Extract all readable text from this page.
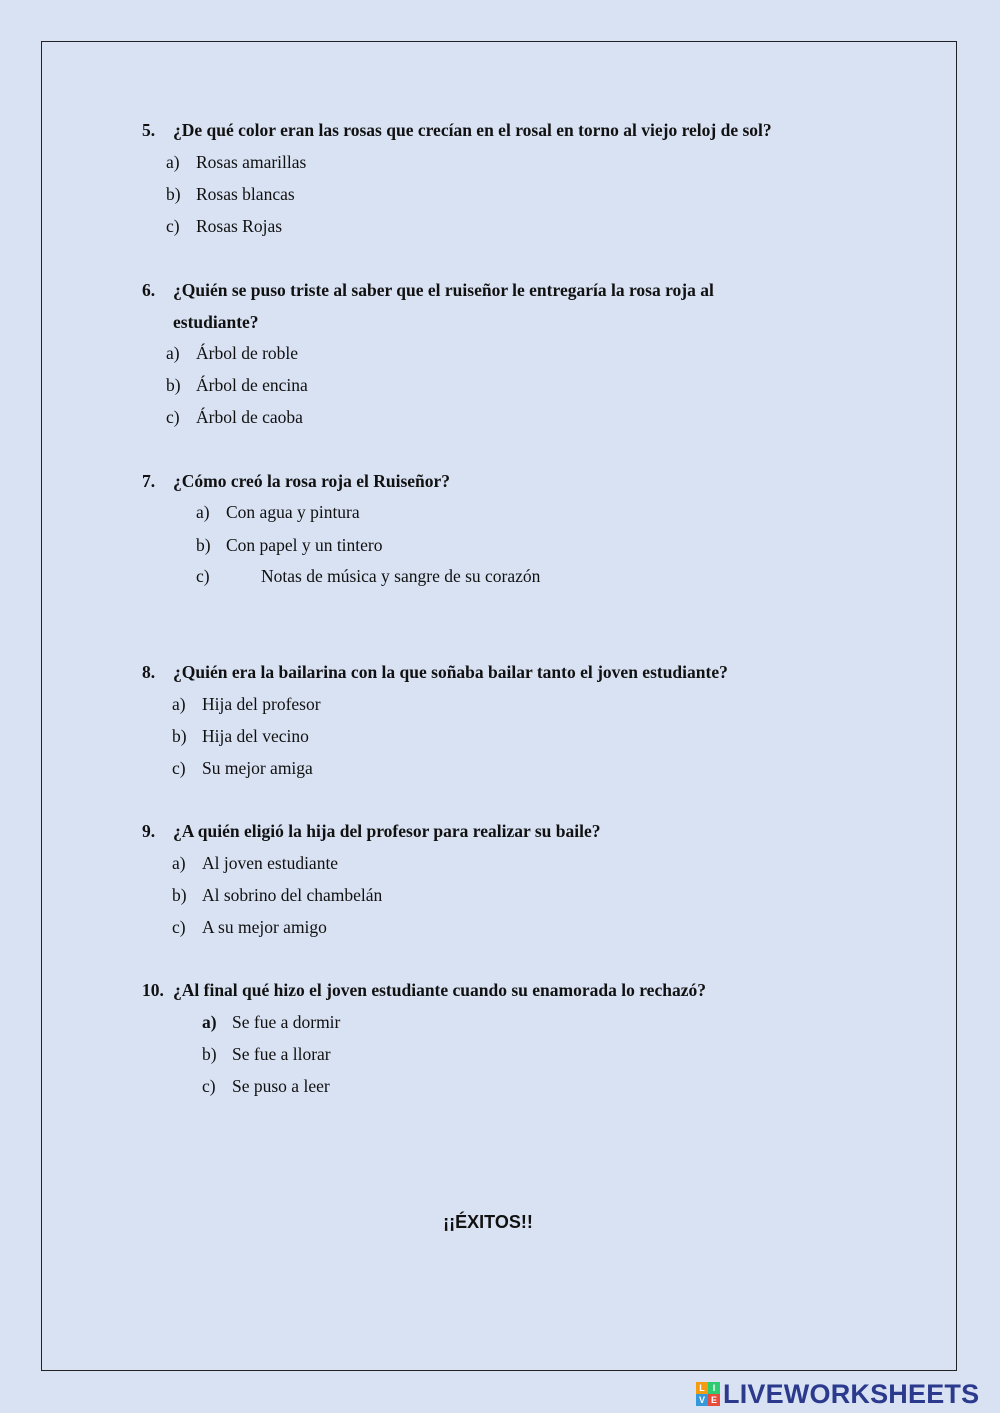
5. ¿De qué color eran las rosas que crecían en el rosal en torno al viejo reloj de sol?
a) Rosas amarillas
b) Rosas blancas
c) Rosas Rojas
6. ¿Quién se puso triste al saber que el ruiseñor le entregaría la rosa roja al estudiante?
a) Árbol de roble
b) Árbol de encina
c) Árbol de caoba
7. ¿Cómo creó la rosa roja el Ruiseñor?
a) Con agua y pintura
b) Con papel y un tintero
c)	Notas de música y sangre de su corazón
8. ¿Quién era la bailarina con la que soñaba bailar tanto el joven estudiante?
a) Hija del profesor
b) Hija del vecino
c) Su mejor amiga
9. ¿A quién eligió la hija del profesor para realizar su baile?
a) Al joven estudiante
b) Al sobrino del chambelán
c) A su mejor amigo
10. ¿Al final qué hizo el joven estudiante cuando su enamorada lo rechazó?
a) Se fue a dormir
b) Se fue a llorar
c) Se puso a leer
¡¡ÉXITOS!!
L I
V E LIVEWORKSHEETS
